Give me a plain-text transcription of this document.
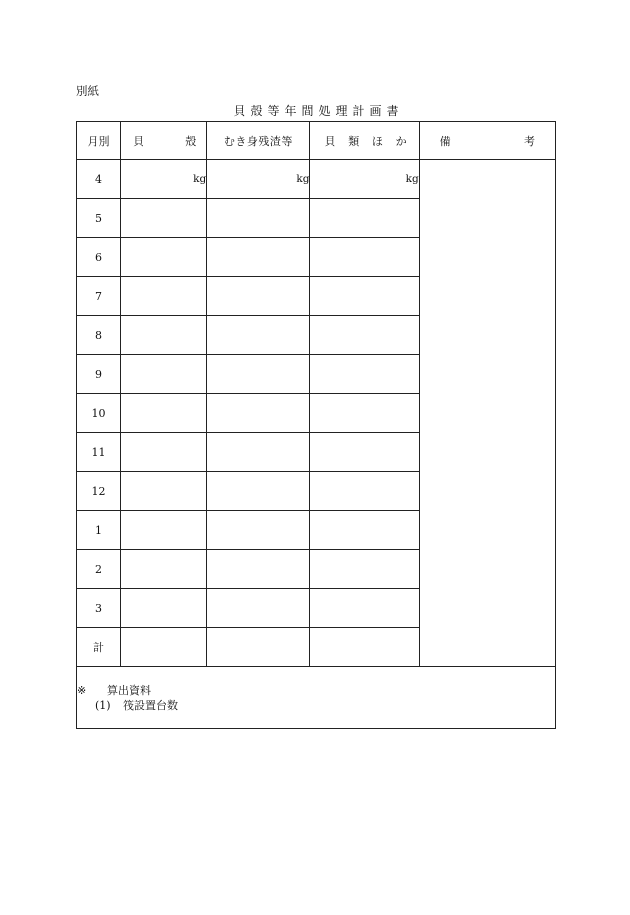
別紙
貝殻等年間処理計画書
月別	貝 殻	むき身残渣等	貝 類 ほ か	備 考

4	kg	kg	kg	
5				
6				
7				
8				
9				
10				
11				
12				
1				
2				
3				
計				

※ 算出資料
(1) 筏設置台数				
